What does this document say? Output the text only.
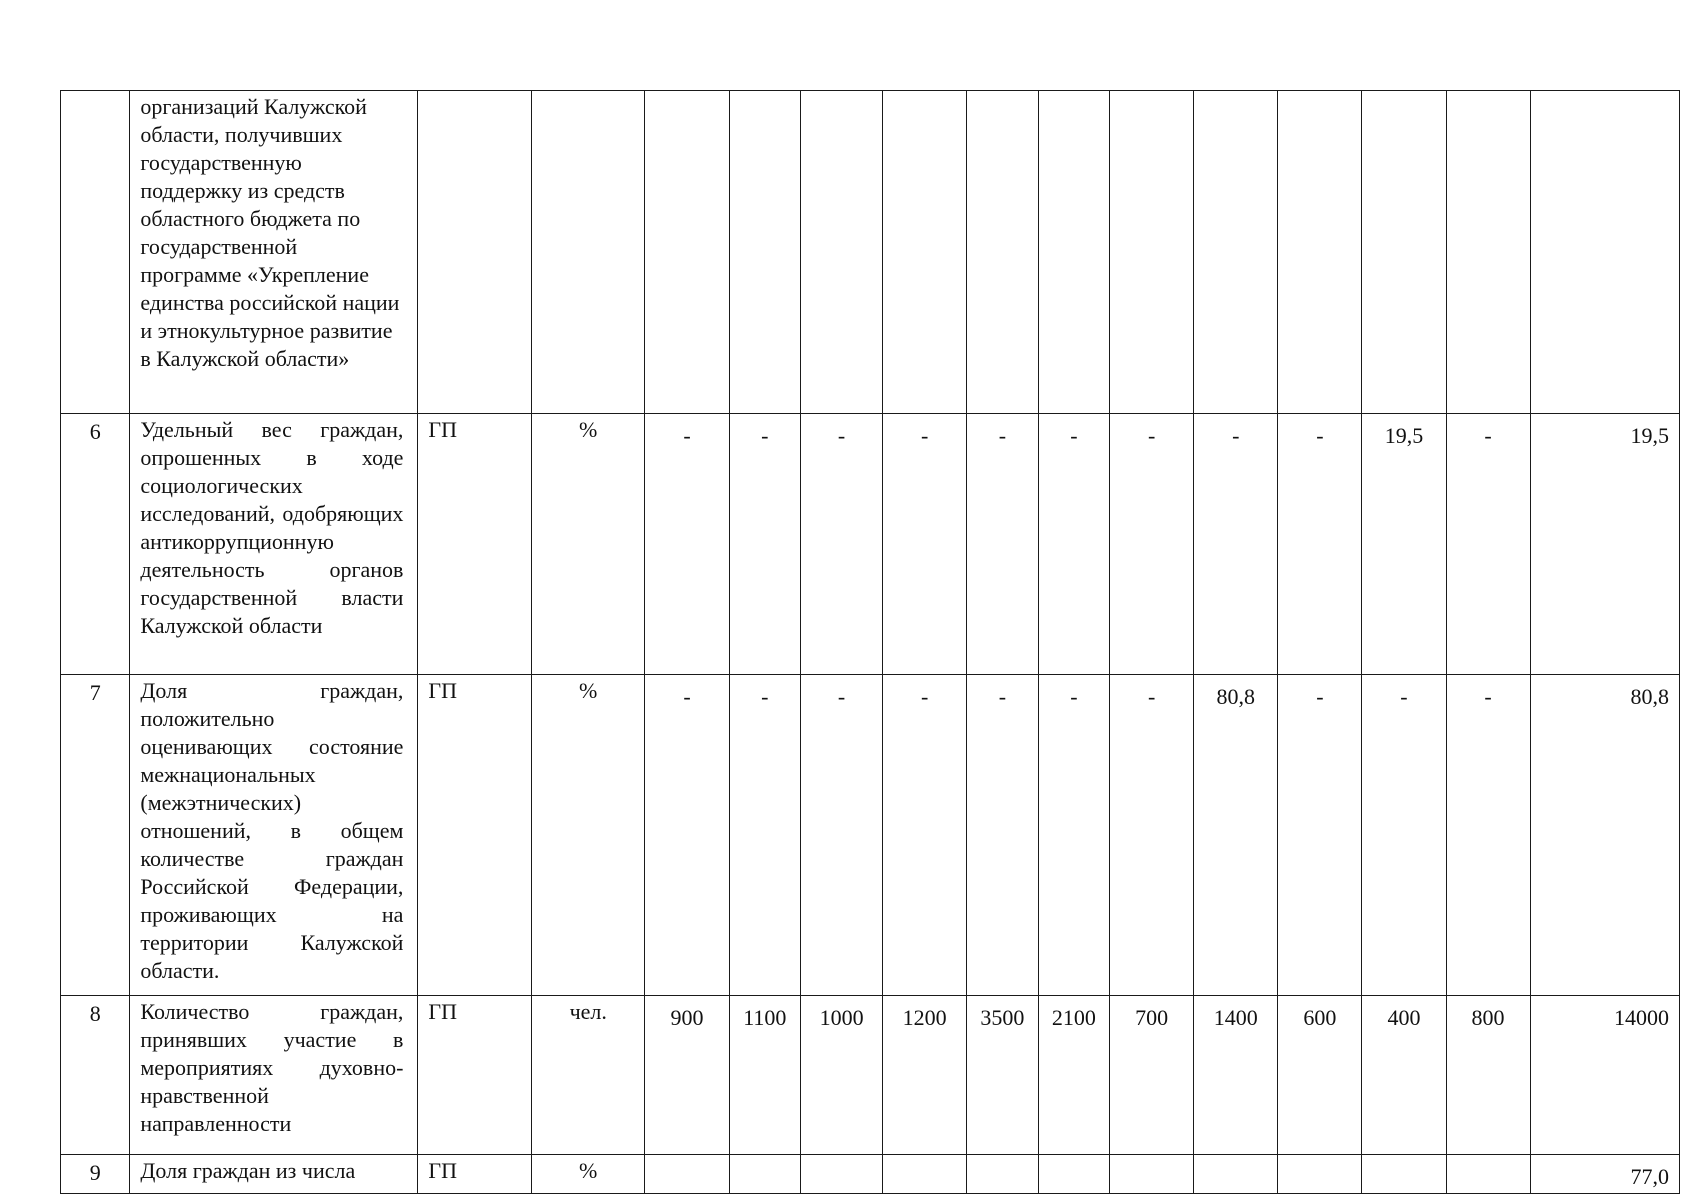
	организаций Калужской области, получивших государственную поддержку из средств областного бюджета по государственной программе «Укрепление единства российской нации и этнокультурное развитие в Калужской области»														
6	Удельный вес граждан, опрошенных в ходе социологических исследований, одобряющих антикоррупционную деятельность органов государственной власти Калужской области	ГП	%	-	-	-	-	-	-	-	-	-	19,5	-	19,5
7	Доля граждан, положительно оценивающих состояние межнациональных (межэтнических) отношений, в общем количестве граждан Российской Федерации, проживающих на территории Калужской области.	ГП	%	-	-	-	-	-	-	-	80,8	-	-	-	80,8
8	Количество граждан, принявших участие в мероприятиях духовно-нравственной направленности	ГП	чел.	900	1100	1000	1200	3500	2100	700	1400	600	400	800	14000
9	Доля граждан из числа	ГП	%												77,0
